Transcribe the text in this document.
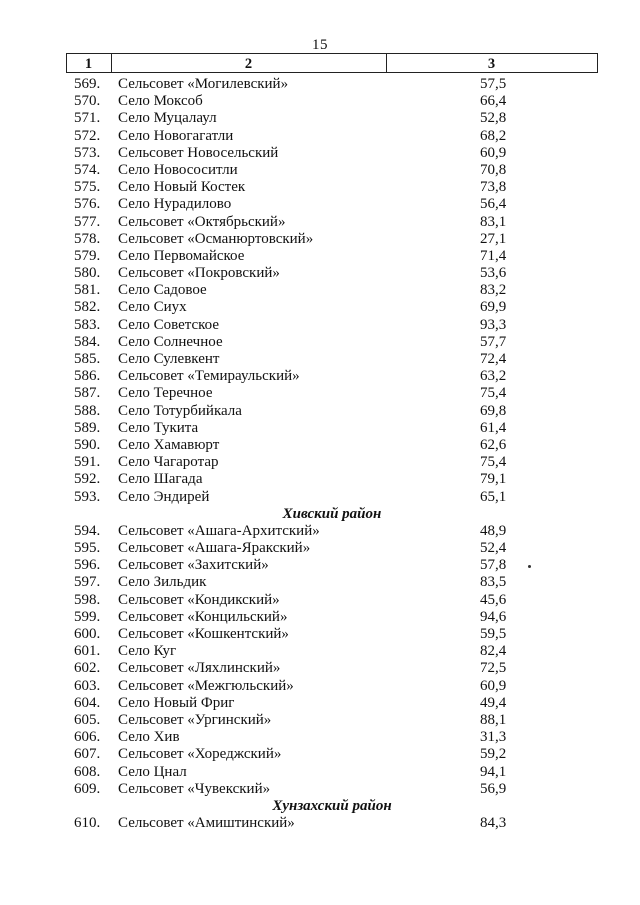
15
1	2	3
569.	Сельсовет «Могилевский»	57,5
570.	Село Моксоб	66,4
571.	Село Муцалаул	52,8
572.	Село Новогагатли	68,2
573.	Сельсовет Новосельский	60,9
574.	Село Новососитли	70,8
575.	Село Новый Костек	73,8
576.	Село Нурадилово	56,4
577.	Сельсовет «Октябрьский»	83,1
578.	Сельсовет «Османюртовский»	27,1
579.	Село Первомайское	71,4
580.	Сельсовет «Покровский»	53,6
581.	Село Садовое	83,2
582.	Село Сиух	69,9
583.	Село Советское	93,3
584.	Село Солнечное	57,7
585.	Село Сулевкент	72,4
586.	Сельсовет «Темираульский»	63,2
587.	Село Теречное	75,4
588.	Село Тотурбийкала	69,8
589.	Село Тукита	61,4
590.	Село Хамавюрт	62,6
591.	Село Чагаротар	75,4
592.	Село Шагада	79,1
593.	Село Эндирей	65,1
Хивский район
594.	Сельсовет «Ашага-Архитский»	48,9
595.	Сельсовет «Ашага-Яракский»	52,4
596.	Сельсовет «Захитский»	57,8
597.	Село Зильдик	83,5
598.	Сельсовет «Кондикский»	45,6
599.	Сельсовет «Концильский»	94,6
600.	Сельсовет «Кошкентский»	59,5
601.	Село Куг	82,4
602.	Сельсовет «Ляхлинский»	72,5
603.	Сельсовет «Межгюльский»	60,9
604.	Село Новый Фриг	49,4
605.	Сельсовет «Ургинский»	88,1
606.	Село Хив	31,3
607.	Сельсовет «Хореджский»	59,2
608.	Село Цнал	94,1
609.	Сельсовет «Чувекский»	56,9
Хунзахский район
610.	Сельсовет «Амиштинский»	84,3
